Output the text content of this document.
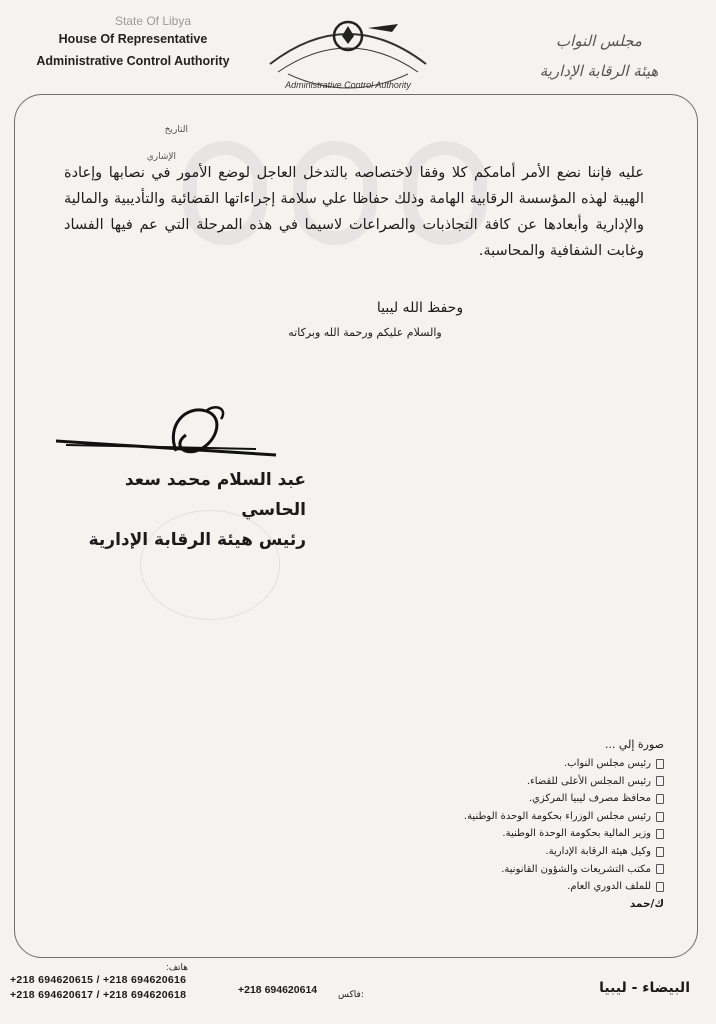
State Of Libya
House Of Representative
Administrative Control Authority
Administrative Control Authority
مجلس النواب
هيئة الرقابة الإدارية
التاريخ
الإشاري

عليه فإننا نضع الأمر أمامكم كلا وفقا لاختصاصه بالتدخل العاجل لوضع الأمور في نصابها وإعادة الهيبة لهذه المؤسسة الرقابية الهامة وذلك حفاظا علي سلامة إجراءاتها القضائية والتأديبية والمالية والإدارية وأبعادها عن كافة التجاذبات والصراعات لاسيما في هذه المرحلة التي عم فيها الفساد وغابت الشفافية والمحاسبة.

وحفظ الله ليبيا
والسلام عليكم ورحمة الله وبركاته
عبد السلام محمد سعد الحاسي
رئيس هيئة الرقابة الإدارية
صورة إلي ...
رئيس مجلس النواب.
رئيس المجلس الأعلى للقضاء.
محافظ مصرف ليبيا المركزي.
رئيس مجلس الوزراء بحكومة الوحدة الوطنية.
وزير المالية بحكومة الوحدة الوطنية.
وكيل هيئة الرقابة الإدارية.
مكتب التشريعات والشؤون القانونية.
للملف الدوري العام.
ك/حمد
هاتف:
+218 694620615 / +218 694620616
+218 694620617 / +218 694620618	+218 694620614 فاكس:	البيضاء - ليبيا
